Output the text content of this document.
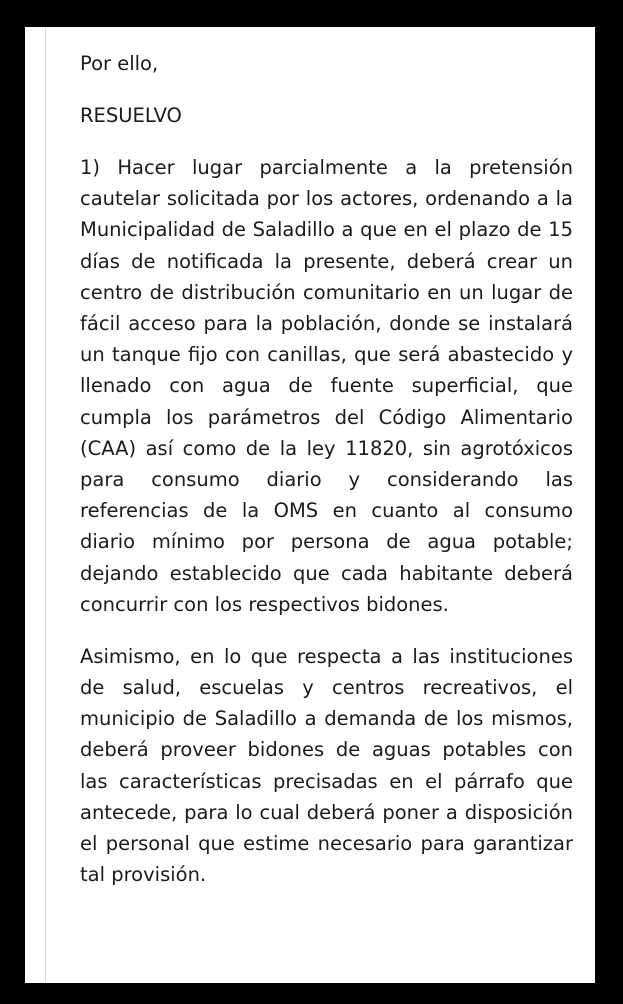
Por ello,

RESUELVO

1) Hacer lugar parcialmente a la pretensión cautelar solicitada por los actores, ordenando a la Municipalidad de Saladillo a que en el plazo de 15 días de notificada la presente, deberá crear un centro de distribución comunitario en un lugar de fácil acceso para la población, donde se instalará un tanque fijo con canillas, que será abastecido y llenado con agua de fuente superficial, que cumpla los parámetros del Código Alimentario (CAA) así como de la ley 11820, sin agrotóxicos para consumo diario y considerando las referencias de la OMS en cuanto al consumo diario mínimo por persona de agua potable; dejando establecido que cada habitante deberá concurrir con los respectivos bidones.

Asimismo, en lo que respecta a las instituciones de salud, escuelas y centros recreativos, el municipio de Saladillo a demanda de los mismos, deberá proveer bidones de aguas potables con las características precisadas en el párrafo que antecede, para lo cual deberá poner a disposición el personal que estime necesario para garantizar tal provisión.
